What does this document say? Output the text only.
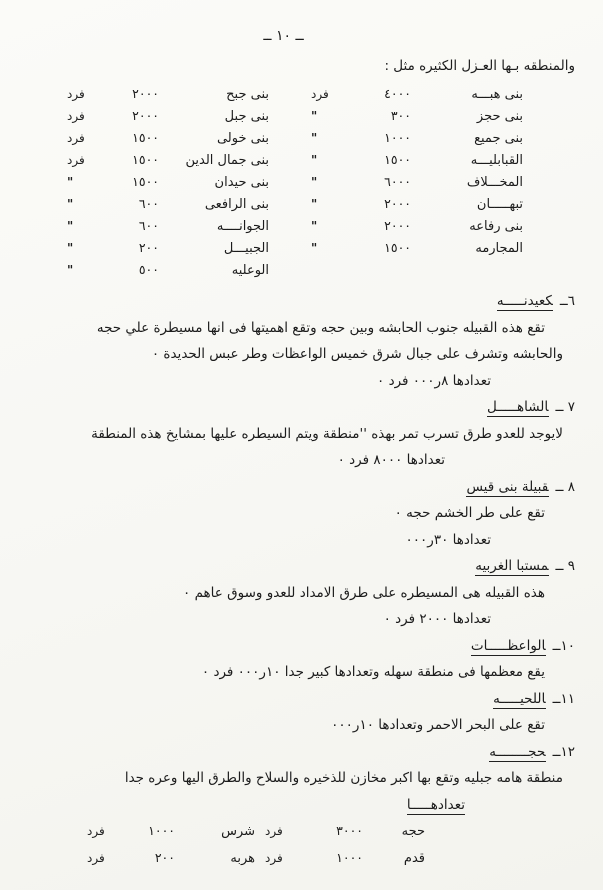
ــ ١٠ ــ
والمنطقه بـها العـزل الكثيره مثل :
بنى هبـــه
٤٠٠٠
فرد
بنى جبح
٢٠٠٠
فرد
بنى حجز
٣٠٠
"
بنى جبل
٢٠٠٠
فرد
بنى جميع
١٠٠٠
"
بنى خولى
١٥٠٠
فرد
القبابليـــه
١٥٠٠
"
بنى جمال الدين
١٥٠٠
فرد
المخـــلاف
٦٠٠٠
"
بنى حيدان
١٥٠٠
"
تبهـــــان
٢٠٠٠
"
بنى الرافعى
٦٠٠
"
بنى رفاعه
٢٠٠٠
"
الجوانــــه
٦٠٠
"
المجارمه
١٥٠٠
"
الجبيـــل
٢٠٠
"
الوعليه
٥٠٠
"
٦ــكعيدنـــــه
تقع هذه القبيله جنوب الحابشه وبين حجه وتقع اهميتها فى انها مسيطرة علي حجه
والحابشه وتشرف على جبال شرق خميس الواعظات وطر عبس الحديدة ٠
تعدادها ٨ر٠٠٠ فرد ٠
٧ ــالشاهـــــل
لايوجد للعدو طرق تسرب تمر بهذه ''منطقة ويتم السيطره عليها بمشايخ هذه المنطقة
تعدادها ٨٠٠٠ فرد ٠
٨ ــقبيلة بنى قيس
تقع على طر الخشم حجه ٠
تعدادها ٣٠ر٠٠٠
٩ ــمستبا الغربيه
هذه القبيله هى المسيطره على طرق الامداد للعدو وسوق عاهم ٠
تعدادها ٢٠٠٠ فرد ٠
١٠ــالواعظـــــات
يقع معظمها فى منطقة سهله وتعدادها كبير جدا ١٠ر٠٠٠ فرد ٠
١١ــاللحيـــــه
تقع على البحر الاحمر وتعدادها ١٠ر٠٠٠
١٢ــحجــــــــه
منطقة هامه جبليه وتقع بها اكبر مخازن للذخيره والسلاح والطرق اليها وعره جدا
تعدادهـــــا
حجه
٣٠٠٠
فرد
شرس
١٠٠٠
فرد
قدم
١٠٠٠
فرد
هربه
٢٠٠
فرد
